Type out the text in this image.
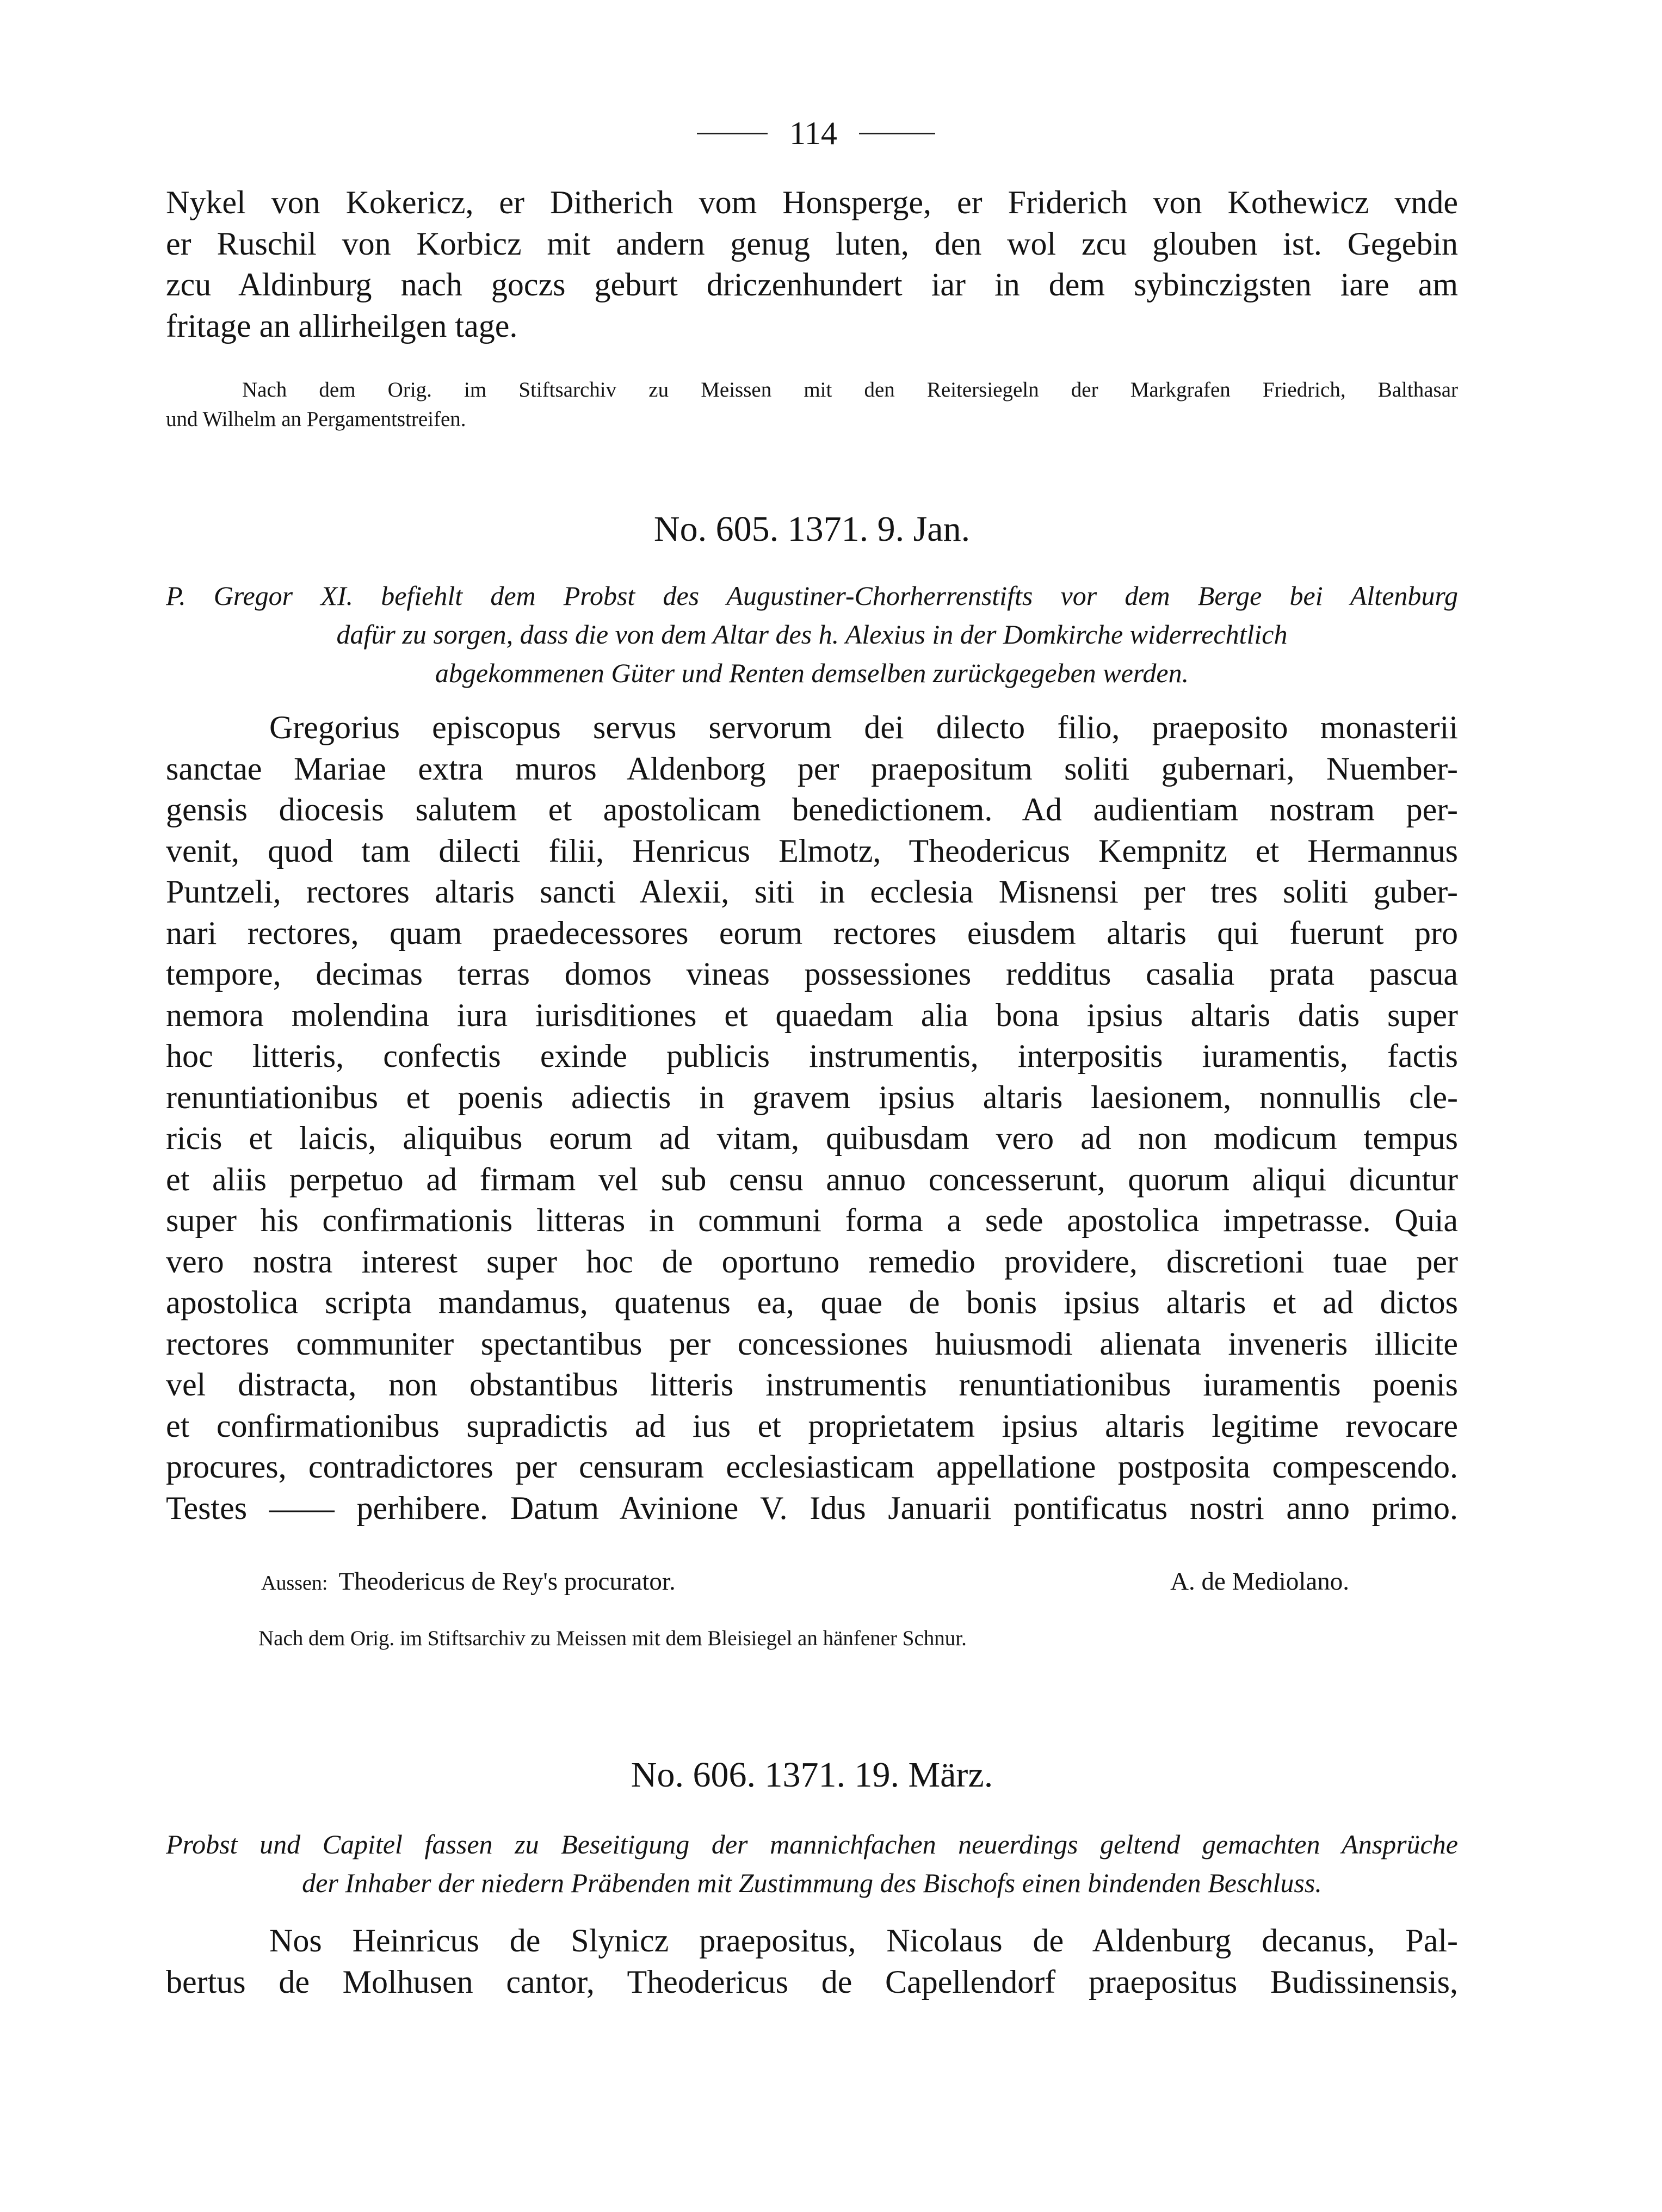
114
Nykel von Kokericz, er Ditherich vom Honsperge, er Friderich von Kothewicz vnde
er Ruschil von Korbicz mit andern genug luten, den wol zcu glouben ist. Gegebin
zcu Aldinburg nach goczs geburt driczenhundert iar in dem sybinczigsten iare am
fritage an allirheilgen tage.
Nach dem Orig. im Stiftsarchiv zu Meissen mit den Reitersiegeln der Markgrafen Friedrich, Balthasar
und Wilhelm an Pergamentstreifen.
No. 605. 1371. 9. Jan.
P. Gregor XI. befiehlt dem Probst des Augustiner-Chorherrenstifts vor dem Berge bei Altenburg
dafür zu sorgen, dass die von dem Altar des h. Alexius in der Domkirche widerrechtlich
abgekommenen Güter und Renten demselben zurückgegeben werden.
Gregorius episcopus servus servorum dei dilecto filio, praeposito monasterii
sanctae Mariae extra muros Aldenborg per praepositum soliti gubernari, Nuember-
gensis diocesis salutem et apostolicam benedictionem. Ad audientiam nostram per-
venit, quod tam dilecti filii, Henricus Elmotz, Theodericus Kempnitz et Hermannus
Puntzeli, rectores altaris sancti Alexii, siti in ecclesia Misnensi per tres soliti guber-
nari rectores, quam praedecessores eorum rectores eiusdem altaris qui fuerunt pro
tempore, decimas terras domos vineas possessiones redditus casalia prata pascua
nemora molendina iura iurisditiones et quaedam alia bona ipsius altaris datis super
hoc litteris, confectis exinde publicis instrumentis, interpositis iuramentis, factis
renuntiationibus et poenis adiectis in gravem ipsius altaris laesionem, nonnullis cle-
ricis et laicis, aliquibus eorum ad vitam, quibusdam vero ad non modicum tempus
et aliis perpetuo ad firmam vel sub censu annuo concesserunt, quorum aliqui dicuntur
super his confirmationis litteras in communi forma a sede apostolica impetrasse. Quia
vero nostra interest super hoc de oportuno remedio providere, discretioni tuae per
apostolica scripta mandamus, quatenus ea, quae de bonis ipsius altaris et ad dictos
rectores communiter spectantibus per concessiones huiusmodi alienata inveneris illicite
vel distracta, non obstantibus litteris instrumentis renuntiationibus iuramentis poenis
et confirmationibus supradictis ad ius et proprietatem ipsius altaris legitime revocare
procures, contradictores per censuram ecclesiasticam appellatione postposita compescendo.
Testes —— perhibere. Datum Avinione V. Idus Januarii pontificatus nostri anno primo.
Aussen: Theodericus de Rey's procurator.	A. de Mediolano.
Nach dem Orig. im Stiftsarchiv zu Meissen mit dem Bleisiegel an hänfener Schnur.
No. 606. 1371. 19. März.
Probst und Capitel fassen zu Beseitigung der mannichfachen neuerdings geltend gemachten Ansprüche
der Inhaber der niedern Präbenden mit Zustimmung des Bischofs einen bindenden Beschluss.
Nos Heinricus de Slynicz praepositus, Nicolaus de Aldenburg decanus, Pal-
bertus de Molhusen cantor, Theodericus de Capellendorf praepositus Budissinensis,
